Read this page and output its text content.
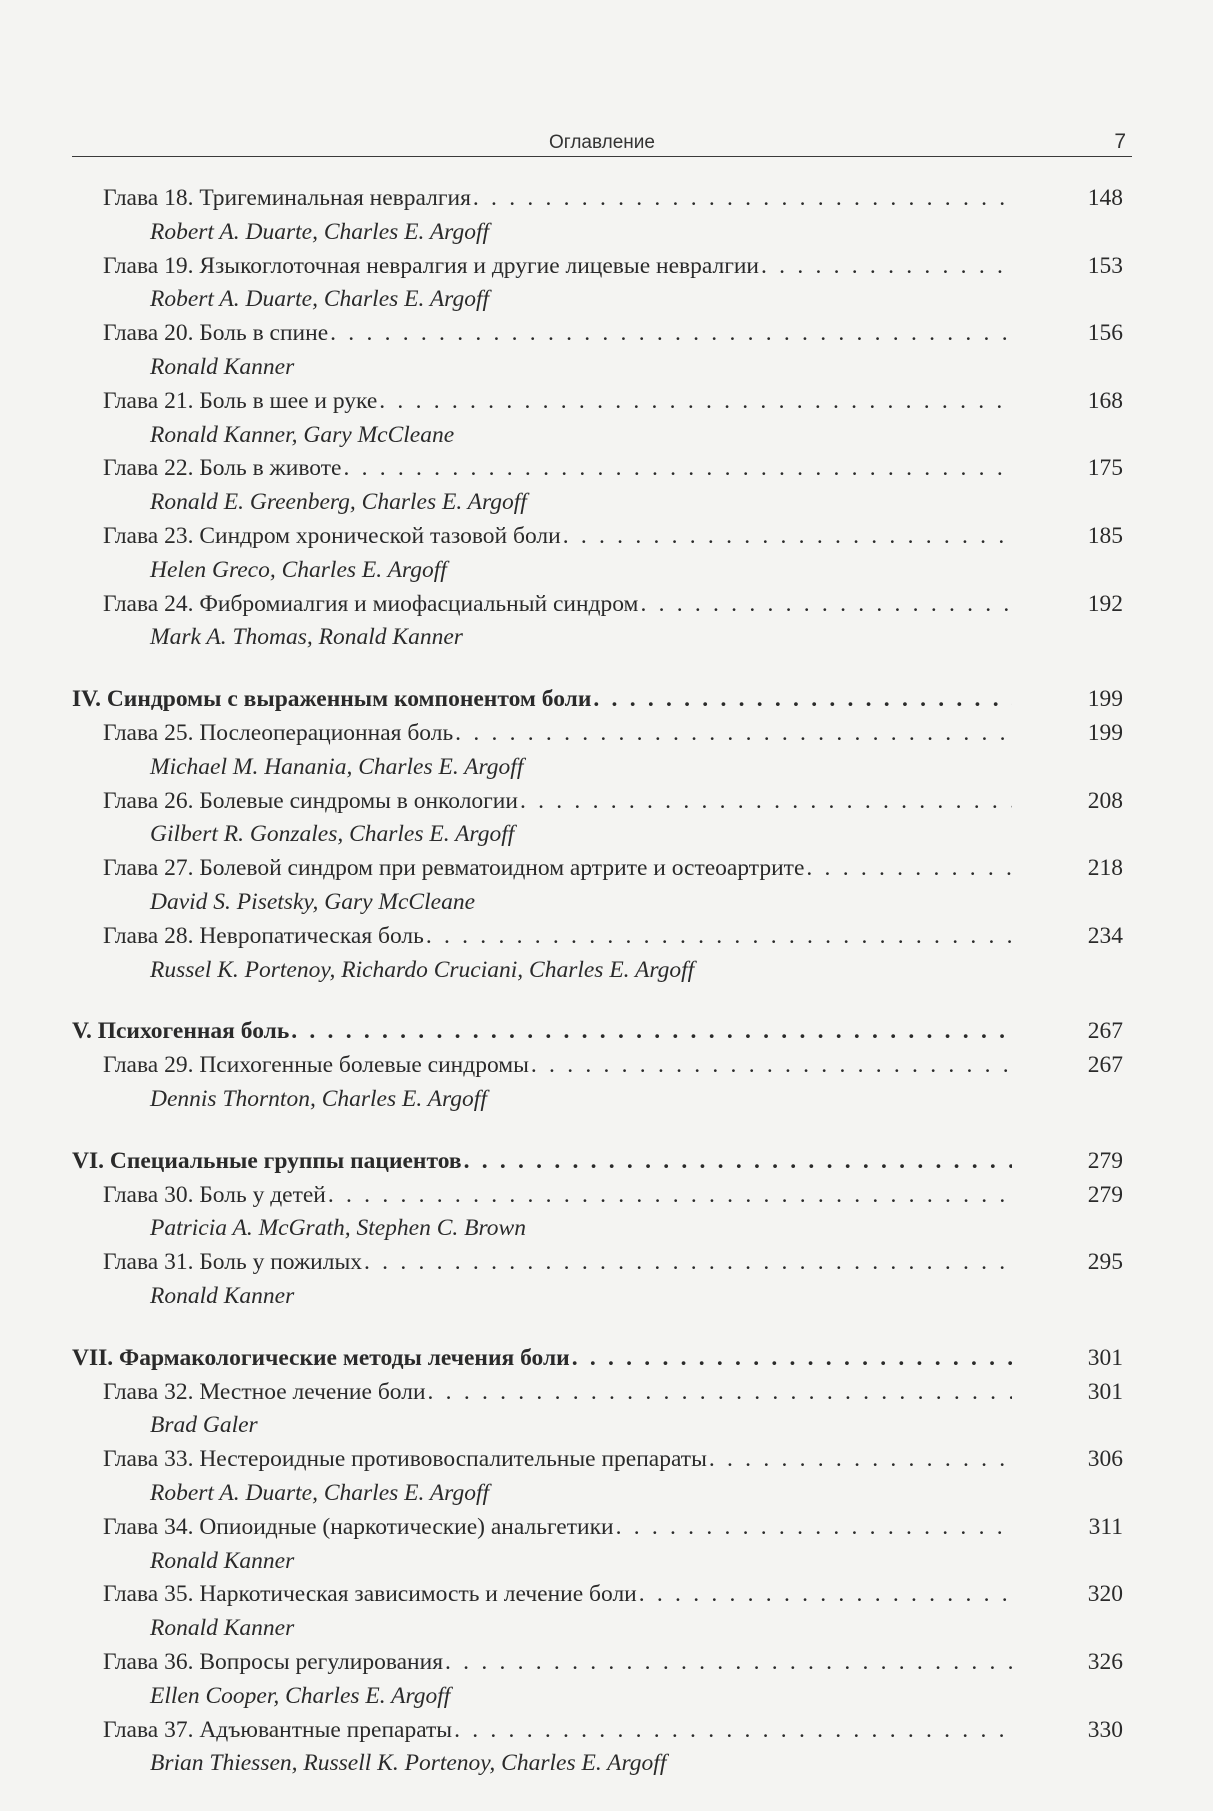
Оглавление	7
Глава 18. Тригеминальная невралгия . . .	148
Robert A. Duarte, Charles E. Argoff
Глава 19. Языкоглоточная невралгия и другие лицевые невралгии . . .	153
Robert A. Duarte, Charles E. Argoff
Глава 20. Боль в спине . . .	156
Ronald Kanner
Глава 21. Боль в шее и руке . . .	168
Ronald Kanner, Gary McCleane
Глава 22. Боль в животе . . .	175
Ronald E. Greenberg, Charles E. Argoff
Глава 23. Синдром хронической тазовой боли . . .	185
Helen Greco, Charles E. Argoff
Глава 24. Фибромиалгия и миофасциальный синдром . . .	192
Mark A. Thomas, Ronald Kanner
IV. Синдромы с выраженным компонентом боли . . .	199
Глава 25. Послеоперационная боль . . .	199
Michael M. Hanania, Charles E. Argoff
Глава 26. Болевые синдромы в онкологии . . .	208
Gilbert R. Gonzales, Charles E. Argoff
Глава 27. Болевой синдром при ревматоидном артрите и остеоартрите . . .	218
David S. Pisetsky, Gary McCleane
Глава 28. Невропатическая боль . . .	234
Russel K. Portenoy, Richardo Cruciani, Charles E. Argoff
V. Психогенная боль . . .	267
Глава 29. Психогенные болевые синдромы . . .	267
Dennis Thornton, Charles E. Argoff
VI. Специальные группы пациентов . . .	279
Глава 30. Боль у детей . . .	279
Patricia A. McGrath, Stephen C. Brown
Глава 31. Боль у пожилых . . .	295
Ronald Kanner
VII. Фармакологические методы лечения боли . . .	301
Глава 32. Местное лечение боли . . .	301
Brad Galer
Глава 33. Нестероидные противовоспалительные препараты . . .	306
Robert A. Duarte, Charles E. Argoff
Глава 34. Опиоидные (наркотические) анальгетики . . .	311
Ronald Kanner
Глава 35. Наркотическая зависимость и лечение боли . . .	320
Ronald Kanner
Глава 36. Вопросы регулирования . . .	326
Ellen Cooper, Charles E. Argoff
Глава 37. Адъювантные препараты . . .	330
Brian Thiessen, Russell K. Portenoy, Charles E. Argoff
